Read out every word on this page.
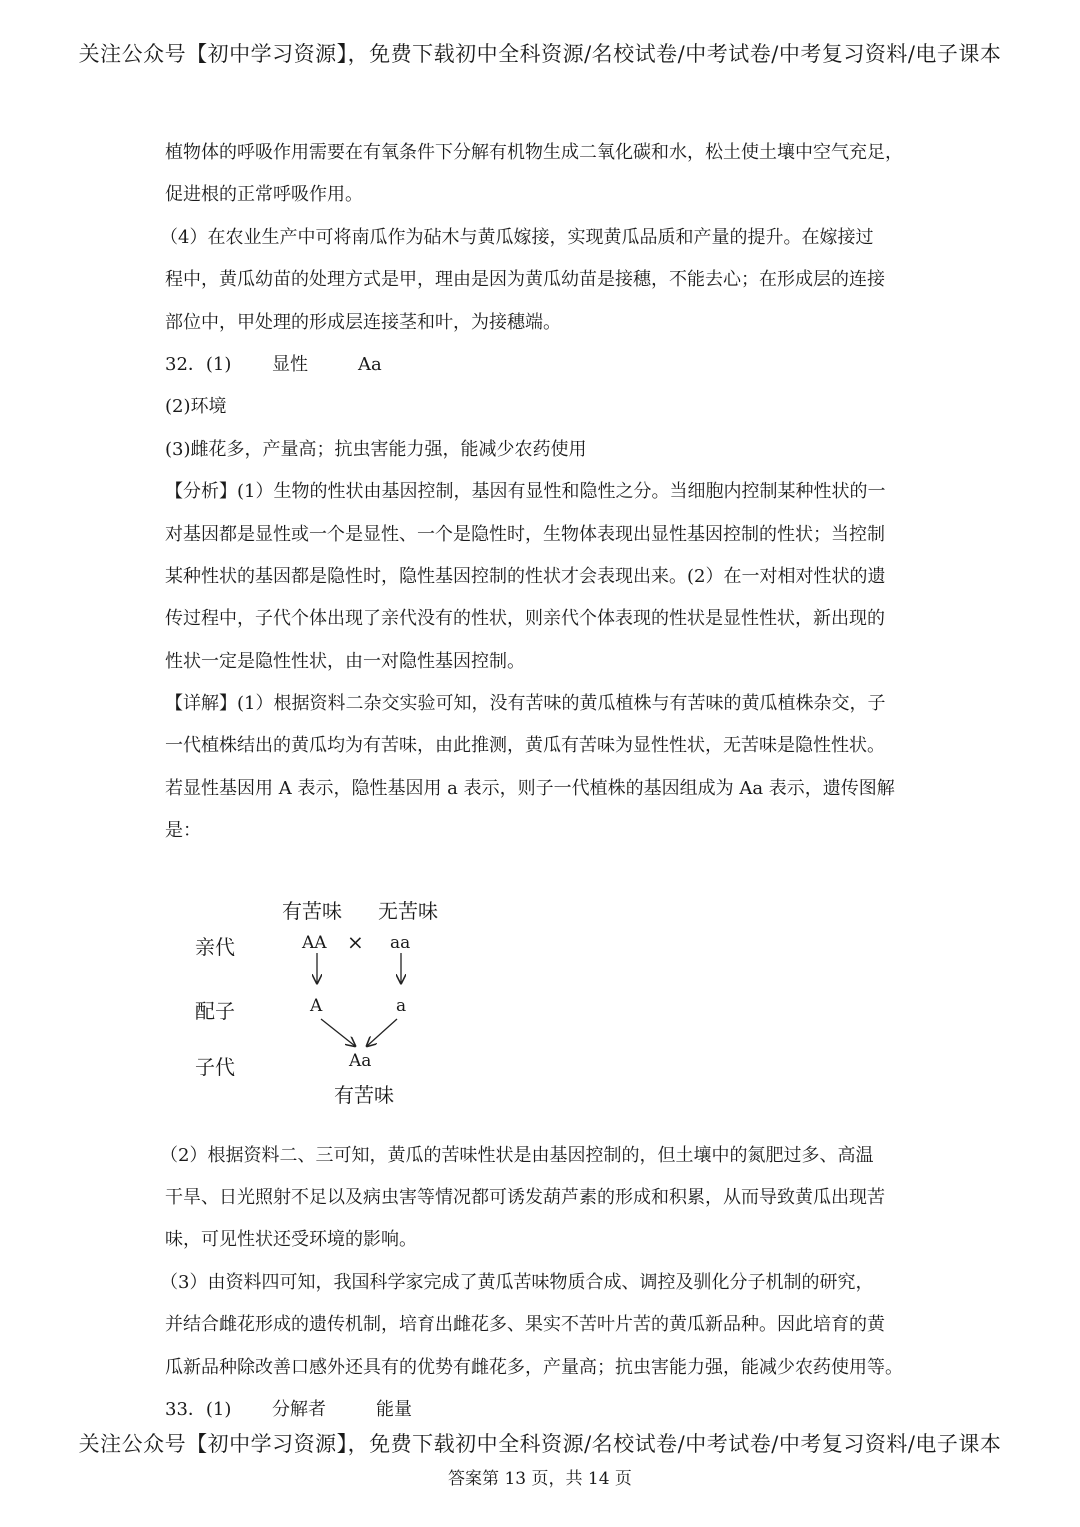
关注公众号【初中学习资源】，免费下载初中全科资源/名校试卷/中考试卷/中考复习资料/电子课本
植物体的呼吸作用需要在有氧条件下分解有机物生成二氧化碳和水，松土使土壤中空气充足，
促进根的正常呼吸作用。
（4）在农业生产中可将南瓜作为砧木与黄瓜嫁接，实现黄瓜品质和产量的提升。在嫁接过
程中，黄瓜幼苗的处理方式是甲，理由是因为黄瓜幼苗是接穗，不能去心；在形成层的连接
部位中，甲处理的形成层连接茎和叶，为接穗端。
32．(1) 显性	Aa
(2)环境
(3)雌花多，产量高；抗虫害能力强，能减少农药使用
【分析】(1）生物的性状由基因控制，基因有显性和隐性之分。当细胞内控制某种性状的一
对基因都是显性或一个是显性、一个是隐性时，生物体表现出显性基因控制的性状；当控制
某种性状的基因都是隐性时，隐性基因控制的性状才会表现出来。(2）在一对相对性状的遗
传过程中，子代个体出现了亲代没有的性状，则亲代个体表现的性状是显性性状，新出现的
性状一定是隐性性状，由一对隐性基因控制。
【详解】(1）根据资料二杂交实验可知，没有苦味的黄瓜植株与有苦味的黄瓜植株杂交，子
一代植株结出的黄瓜均为有苦味，由此推测，黄瓜有苦味为显性性状，无苦味是隐性性状。
若显性基因用 A 表示，隐性基因用 a 表示，则子一代植株的基因组成为 Aa 表示，遗传图解
是：
有苦味 无苦味
亲代	AA × aa
配子	A	a
子代	Aa
有苦味
（2）根据资料二、三可知，黄瓜的苦味性状是由基因控制的，但土壤中的氮肥过多、高温
干旱、日光照射不足以及病虫害等情况都可诱发葫芦素的形成和积累，从而导致黄瓜出现苦
味，可见性状还受环境的影响。
（3）由资料四可知，我国科学家完成了黄瓜苦味物质合成、调控及驯化分子机制的研究，
并结合雌花形成的遗传机制，培育出雌花多、果实不苦叶片苦的黄瓜新品种。因此培育的黄
瓜新品种除改善口感外还具有的优势有雌花多，产量高；抗虫害能力强，能减少农药使用等。
33．(1) 分解者	能量
关注公众号【初中学习资源】，免费下载初中全科资源/名校试卷/中考试卷/中考复习资料/电子课本
答案第 13 页，共 14 页
